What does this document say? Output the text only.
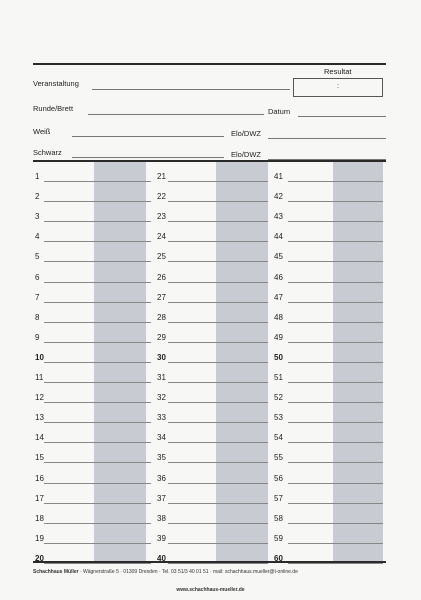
Resultat
:
Veranstaltung
Runde/Brett	Datum
Weiß	Elo/DWZ
Schwarz	Elo/DWZ
1
2
3
4
5
6
7
8
9
10
11
12
13
14
15
16
17
18
19
20
21
22
23
24
25
26
27
28
29
30
31
32
33
34
35
36
37
38
39
40
41
42
43
44
45
46
47
48
49
50
51
52
53
54
55
56
57
58
59
60
Schachhaus Müller · Wägnerstraße 5 · 01309 Dresden · Tel. 03 51/3 40 01 51 · mail: schachhaus.mueller@t-online.de
www.schachhaus-mueller.de
